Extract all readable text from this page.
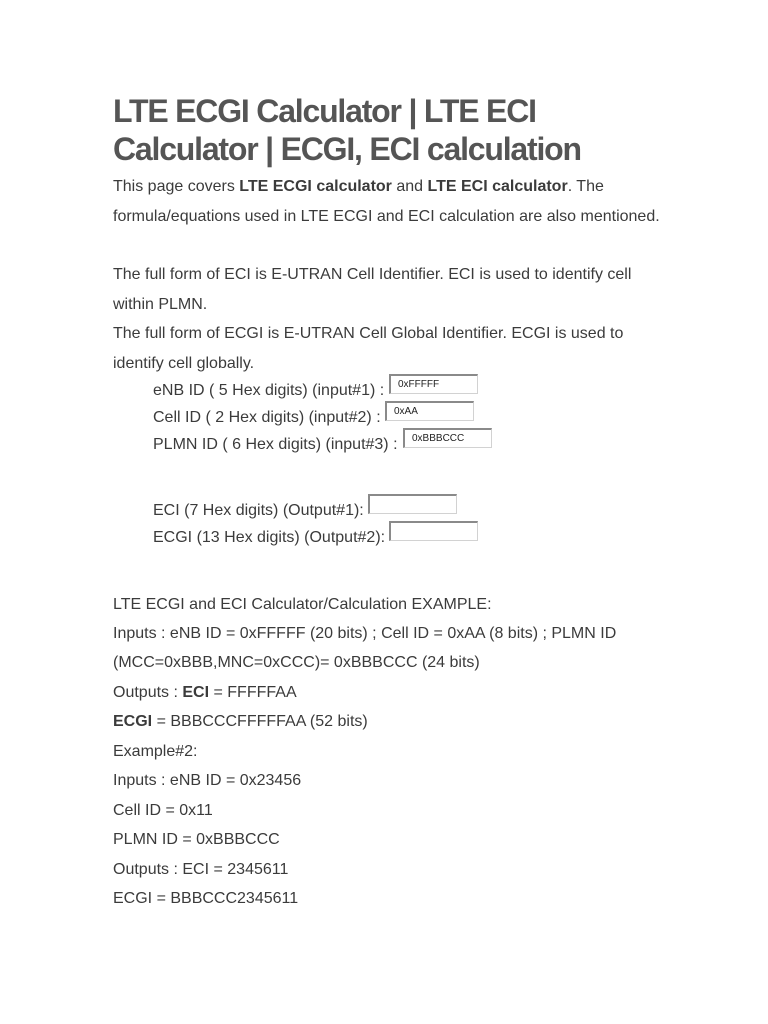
LTE ECGI Calculator | LTE ECI Calculator | ECGI, ECI calculation

This page covers LTE ECGI calculator and LTE ECI calculator. The formula/equations used in LTE ECGI and ECI calculation are also mentioned.

The full form of ECI is E-UTRAN Cell Identifier. ECI is used to identify cell within PLMN.

The full form of ECGI is E-UTRAN Cell Global Identifier. ECGI is used to identify cell globally.

eNB ID ( 5 Hex digits) (input#1) :	0xFFFFF
Cell ID ( 2 Hex digits) (input#2) :	0xAA
PLMN ID ( 6 Hex digits) (input#3) :	0xBBBCCC
ECI (7 Hex digits) (Output#1):
ECGI (13 Hex digits) (Output#2):
LTE ECGI and ECI Calculator/Calculation EXAMPLE:
Inputs : eNB ID = 0xFFFFF (20 bits) ; Cell ID = 0xAA (8 bits) ; PLMN ID
(MCC=0xBBB,MNC=0xCCC)= 0xBBBCCC (24 bits)
Outputs : ECI = FFFFFAA
ECGI = BBBCCCFFFFFAA (52 bits)
Example#2:
Inputs : eNB ID = 0x23456
Cell ID = 0x11
PLMN ID = 0xBBBCCC
Outputs : ECI = 2345611
ECGI = BBBCCC2345611
